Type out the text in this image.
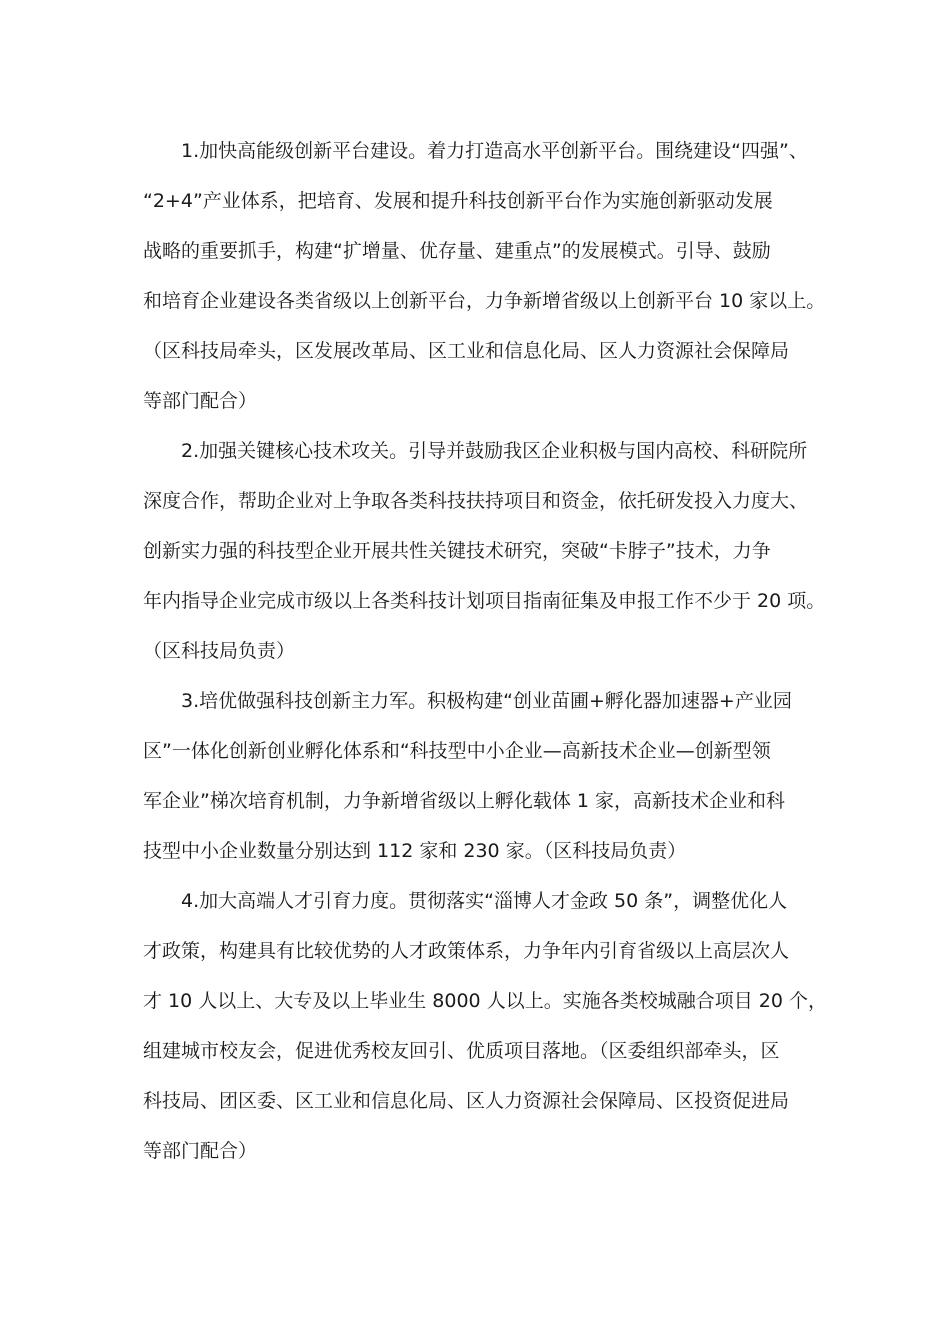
1.加快高能级创新平台建设。着力打造高水平创新平台。围绕建设“四强”、
“2+4”产业体系，把培育、发展和提升科技创新平台作为实施创新驱动发展
战略的重要抓手，构建“扩增量、优存量、建重点”的发展模式。引导、鼓励
和培育企业建设各类省级以上创新平台，力争新增省级以上创新平台 10 家以上。
（区科技局牵头，区发展改革局、区工业和信息化局、区人力资源社会保障局
等部门配合）
2.加强关键核心技术攻关。引导并鼓励我区企业积极与国内高校、科研院所
深度合作，帮助企业对上争取各类科技扶持项目和资金，依托研发投入力度大、
创新实力强的科技型企业开展共性关键技术研究，突破“卡脖子”技术，力争
年内指导企业完成市级以上各类科技计划项目指南征集及申报工作不少于 20 项。
（区科技局负责）
3.培优做强科技创新主力军。积极构建“创业苗圃+孵化器加速器+产业园
区”一体化创新创业孵化体系和“科技型中小企业—高新技术企业—创新型领
军企业”梯次培育机制，力争新增省级以上孵化载体 1 家，高新技术企业和科
技型中小企业数量分别达到 112 家和 230 家。（区科技局负责）
4.加大高端人才引育力度。贯彻落实“淄博人才金政 50 条”，调整优化人
才政策，构建具有比较优势的人才政策体系，力争年内引育省级以上高层次人
才 10 人以上、大专及以上毕业生 8000 人以上。实施各类校城融合项目 20 个，
组建城市校友会，促进优秀校友回引、优质项目落地。（区委组织部牵头，区
科技局、团区委、区工业和信息化局、区人力资源社会保障局、区投资促进局
等部门配合）
